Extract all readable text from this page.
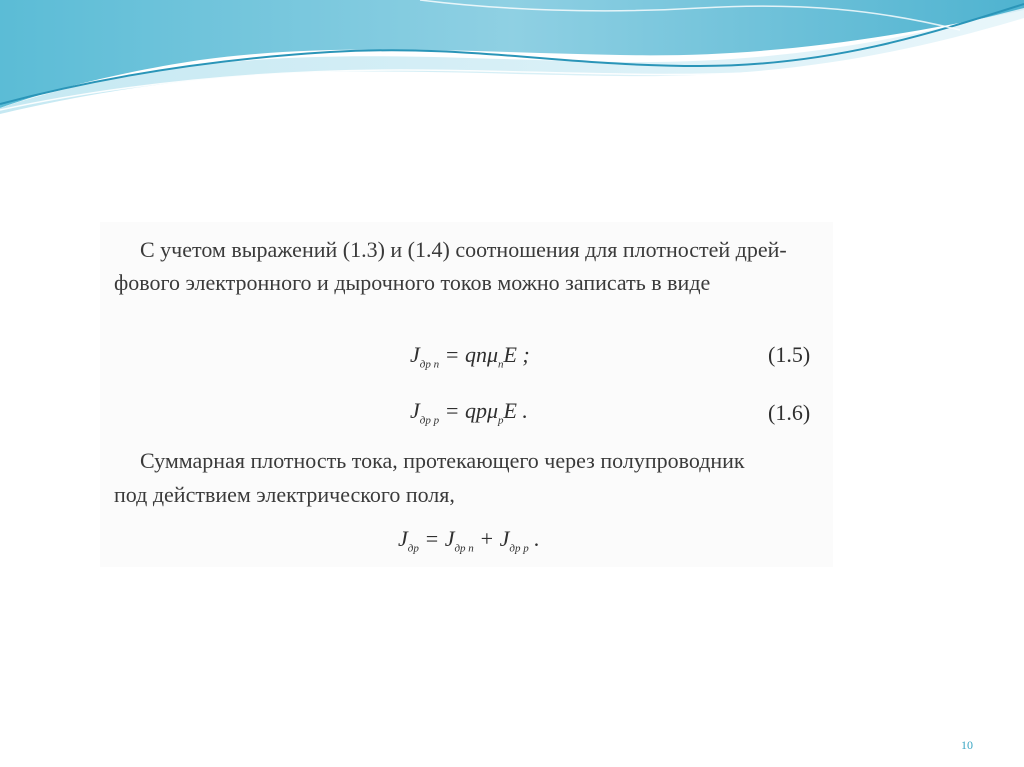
С учетом выражений (1.3) и (1.4) соотношения для плотностей дрей-
фового электронного и дырочного токов можно записать в виде
$J_{др n} = qn\mu_nE$ ;	(1.5)
$J_{др p} = qp\mu_pE$ .	(1.6)
Суммарная плотность тока, протекающего через полупроводник
под действием электрического поля,
$J_{др} = J_{др n} + J_{др p}$ .
10
